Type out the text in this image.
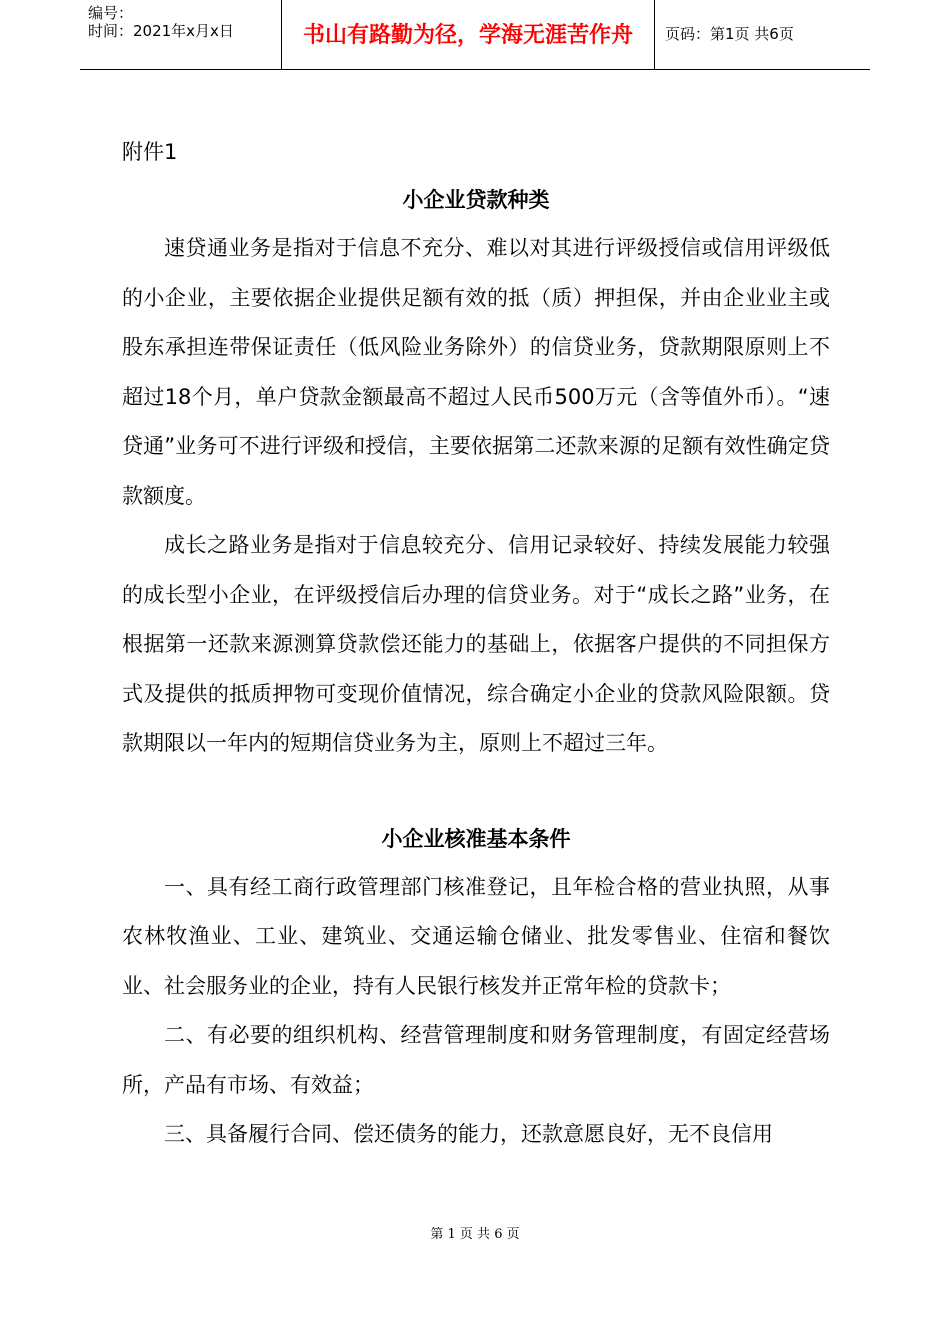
编号：
时间：2021年x月x日	书山有路勤为径，学海无涯苦作舟	页码：第1页 共6页

附件1

小企业贷款种类

速贷通业务是指对于信息不充分、难以对其进行评级授信或信用评级低的小企业，主要依据企业提供足额有效的抵（质）押担保，并由企业业主或股东承担连带保证责任（低风险业务除外）的信贷业务，贷款期限原则上不超过18个月，单户贷款金额最高不超过人民币500万元（含等值外币）。“速贷通”业务可不进行评级和授信，主要依据第二还款来源的足额有效性确定贷款额度。

成长之路业务是指对于信息较充分、信用记录较好、持续发展能力较强的成长型小企业，在评级授信后办理的信贷业务。对于“成长之路”业务，在根据第一还款来源测算贷款偿还能力的基础上，依据客户提供的不同担保方式及提供的抵质押物可变现价值情况，综合确定小企业的贷款风险限额。贷款期限以一年内的短期信贷业务为主，原则上不超过三年。

小企业核准基本条件

一、具有经工商行政管理部门核准登记，且年检合格的营业执照，从事农林牧渔业、工业、建筑业、交通运输仓储业、批发零售业、住宿和餐饮业、社会服务业的企业，持有人民银行核发并正常年检的贷款卡；

二、有必要的组织机构、经营管理制度和财务管理制度，有固定经营场所，产品有市场、有效益；

三、具备履行合同、偿还债务的能力，还款意愿良好，无不良信用

第 1 页 共 6 页
